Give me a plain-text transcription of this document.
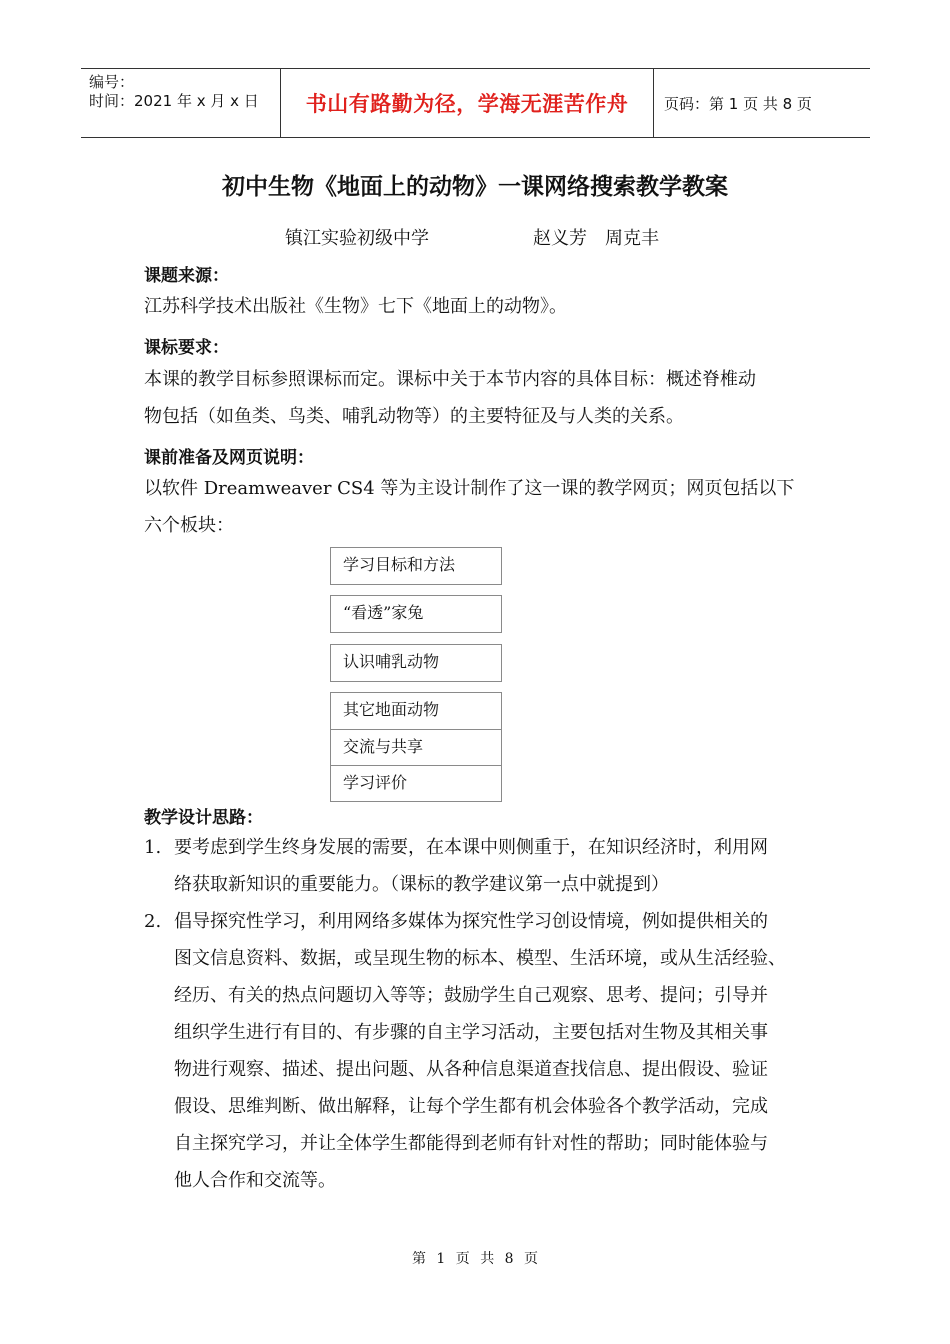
编号：
时间：2021 年 x 月 x 日	书山有路勤为径，学海无涯苦作舟	页码：第 1 页 共 8 页
初中生物《地面上的动物》一课网络搜索教学教案
镇江实验初级中学	赵义芳　周克丰
课题来源：
江苏科学技术出版社《生物》七下《地面上的动物》。
课标要求：
本课的教学目标参照课标而定。课标中关于本节内容的具体目标：概述脊椎动
物包括（如鱼类、鸟类、哺乳动物等）的主要特征及与人类的关系。
课前准备及网页说明：
以软件 Dreamweaver CS4 等为主设计制作了这一课的教学网页；网页包括以下
六个板块：
学习目标和方法
“看透”家兔
认识哺乳动物
其它地面动物
交流与共享
学习评价
教学设计思路：
1. 要考虑到学生终身发展的需要，在本课中则侧重于，在知识经济时，利用网
络获取新知识的重要能力。（课标的教学建议第一点中就提到）
2. 倡导探究性学习，利用网络多媒体为探究性学习创设情境，例如提供相关的
图文信息资料、数据，或呈现生物的标本、模型、生活环境，或从生活经验、
经历、有关的热点问题切入等等；鼓励学生自己观察、思考、提问；引导并
组织学生进行有目的、有步骤的自主学习活动，主要包括对生物及其相关事
物进行观察、描述、提出问题、从各种信息渠道查找信息、提出假设、验证
假设、思维判断、做出解释，让每个学生都有机会体验各个教学活动，完成
自主探究学习，并让全体学生都能得到老师有针对性的帮助；同时能体验与
他人合作和交流等。
第 1 页 共 8 页
